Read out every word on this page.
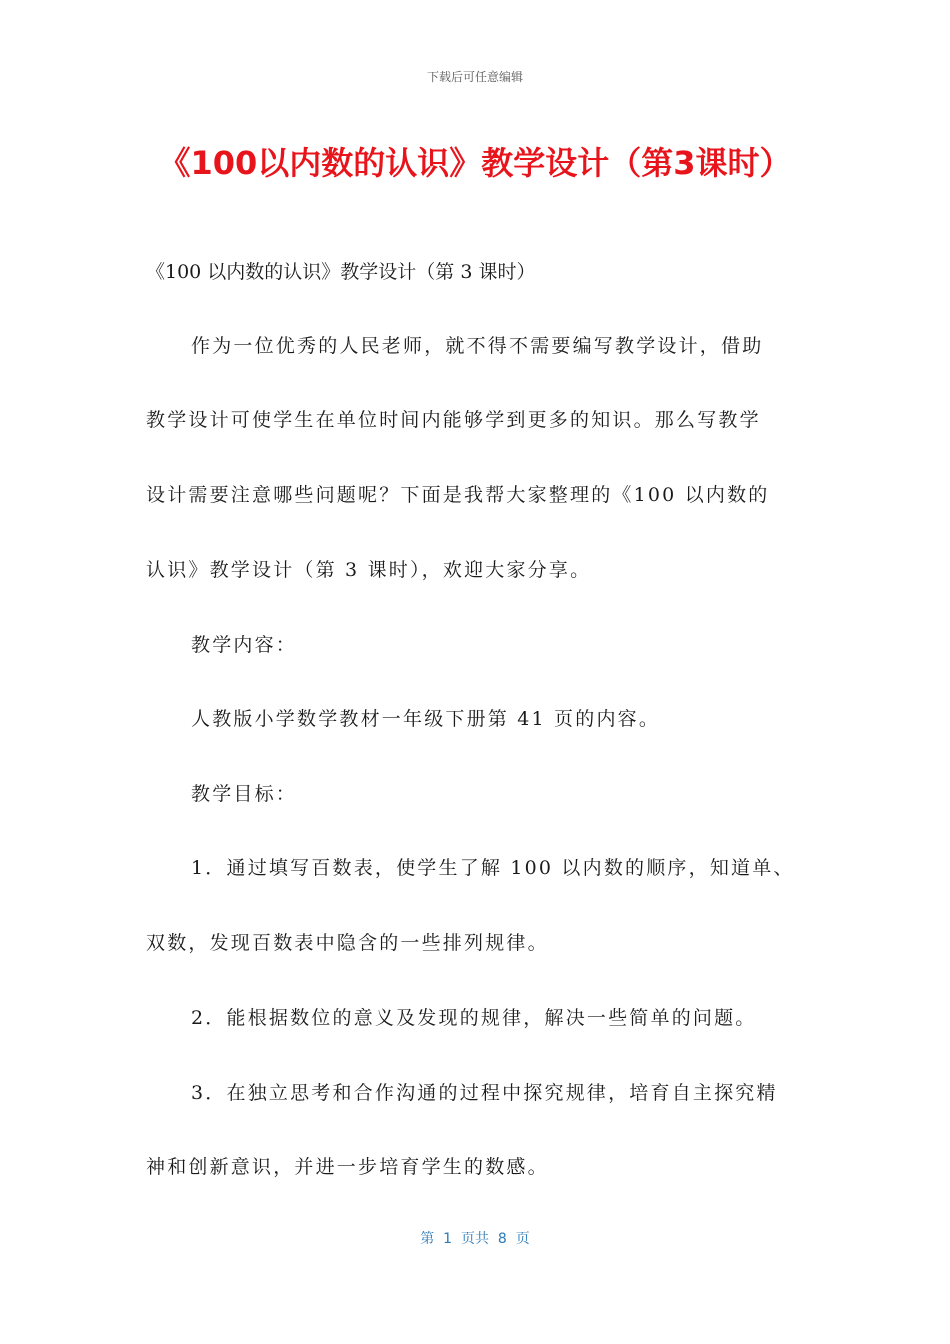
下载后可任意编辑
《100以内数的认识》教学设计（第3课时）
《100 以内数的认识》教学设计（第 3 课时）
作为一位优秀的人民老师，就不得不需要编写教学设计，借助
教学设计可使学生在单位时间内能够学到更多的知识。那么写教学
设计需要注意哪些问题呢？下面是我帮大家整理的《100 以内数的
认识》教学设计（第 3 课时），欢迎大家分享。
教学内容：
人教版小学数学教材一年级下册第 41 页的内容。
教学目标：
1．通过填写百数表，使学生了解 100 以内数的顺序，知道单、
双数，发现百数表中隐含的一些排列规律。
2．能根据数位的意义及发现的规律，解决一些简单的问题。
3．在独立思考和合作沟通的过程中探究规律，培育自主探究精
神和创新意识，并进一步培育学生的数感。
第  1  页共  8  页
